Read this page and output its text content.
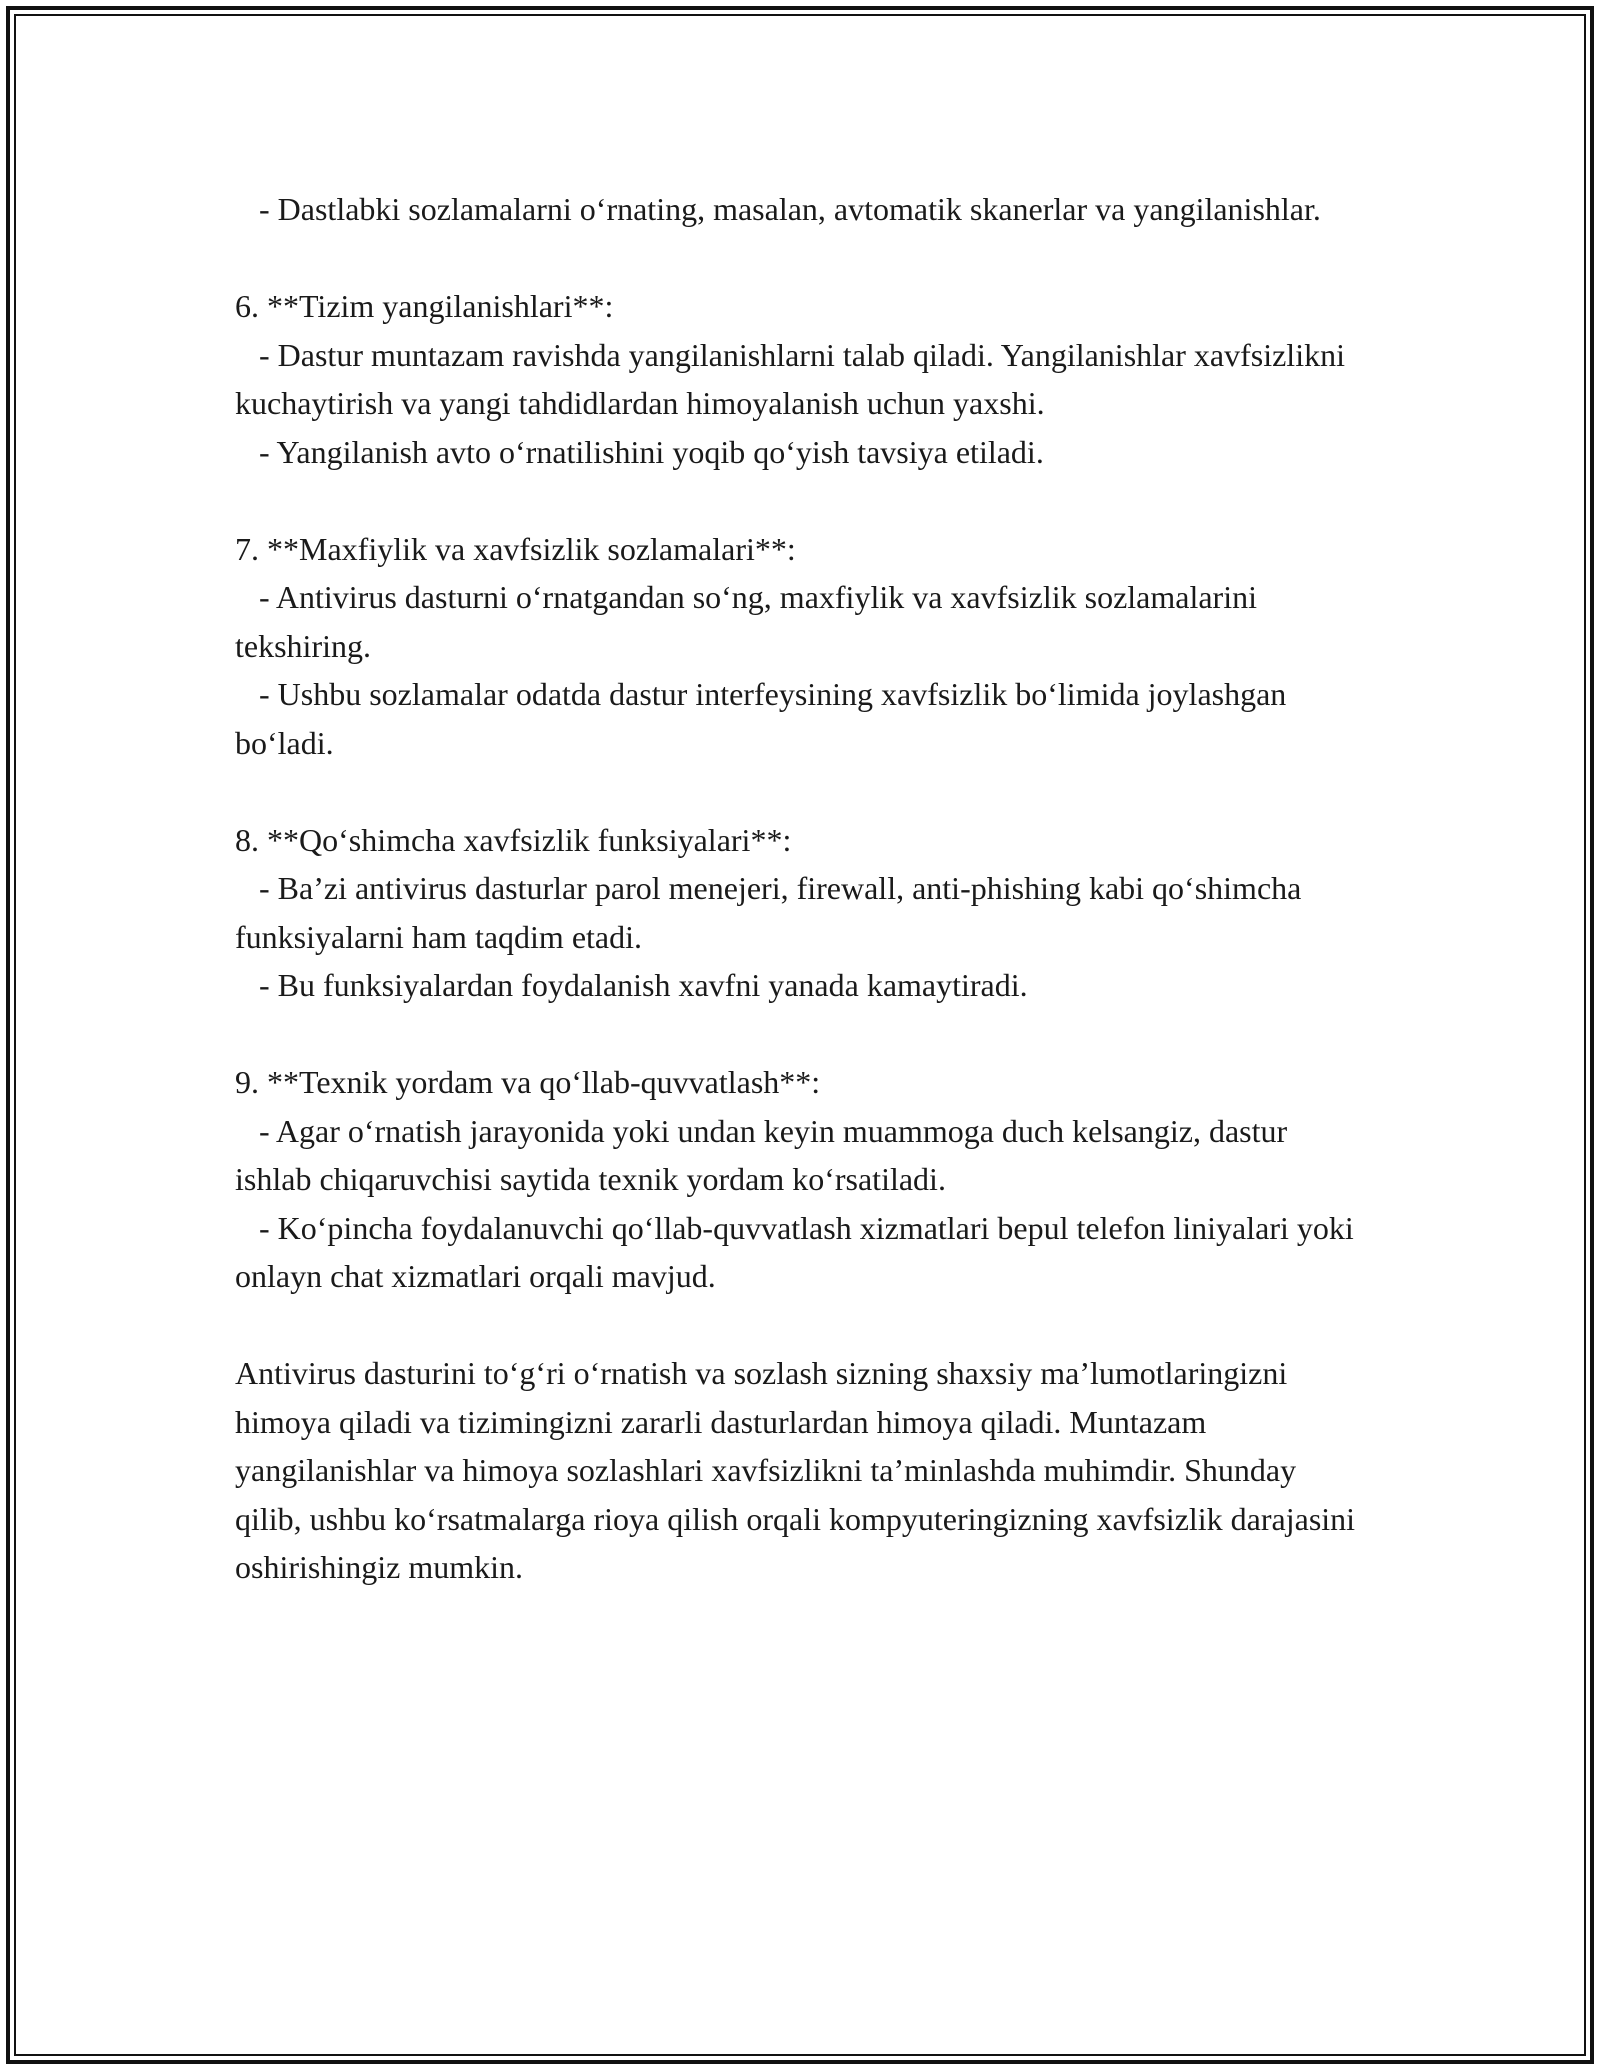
- Dastlabki sozlamalarni o‘rnating, masalan, avtomatik skanerlar va yangilanishlar.

6. **Tizim yangilanishlari**:

- Dastur muntazam ravishda yangilanishlarni talab qiladi. Yangilanishlar xavfsizlikni kuchaytirish va yangi tahdidlardan himoyalanish uchun yaxshi.

- Yangilanish avto o‘rnatilishini yoqib qo‘yish tavsiya etiladi.

7. **Maxfiylik va xavfsizlik sozlamalari**:

- Antivirus dasturni o‘rnatgandan so‘ng, maxfiylik va xavfsizlik sozlamalarini tekshiring.

- Ushbu sozlamalar odatda dastur interfeysining xavfsizlik bo‘limida joylashgan bo‘ladi.

8. **Qo‘shimcha xavfsizlik funksiyalari**:

- Ba’zi antivirus dasturlar parol menejeri, firewall, anti-phishing kabi qo‘shimcha funksiyalarni ham taqdim etadi.

- Bu funksiyalardan foydalanish xavfni yanada kamaytiradi.

9. **Texnik yordam va qo‘llab-quvvatlash**:

- Agar o‘rnatish jarayonida yoki undan keyin muammoga duch kelsangiz, dastur ishlab chiqaruvchisi saytida texnik yordam ko‘rsatiladi.

- Ko‘pincha foydalanuvchi qo‘llab-quvvatlash xizmatlari bepul telefon liniyalari yoki onlayn chat xizmatlari orqali mavjud.

Antivirus dasturini to‘g‘ri o‘rnatish va sozlash sizning shaxsiy ma’lumotlaringizni himoya qiladi va tizimingizni zararli dasturlardan himoya qiladi. Muntazam yangilanishlar va himoya sozlashlari xavfsizlikni ta’minlashda muhimdir. Shunday qilib, ushbu ko‘rsatmalarga rioya qilish orqali kompyuteringizning xavfsizlik darajasini oshirishingiz mumkin.
